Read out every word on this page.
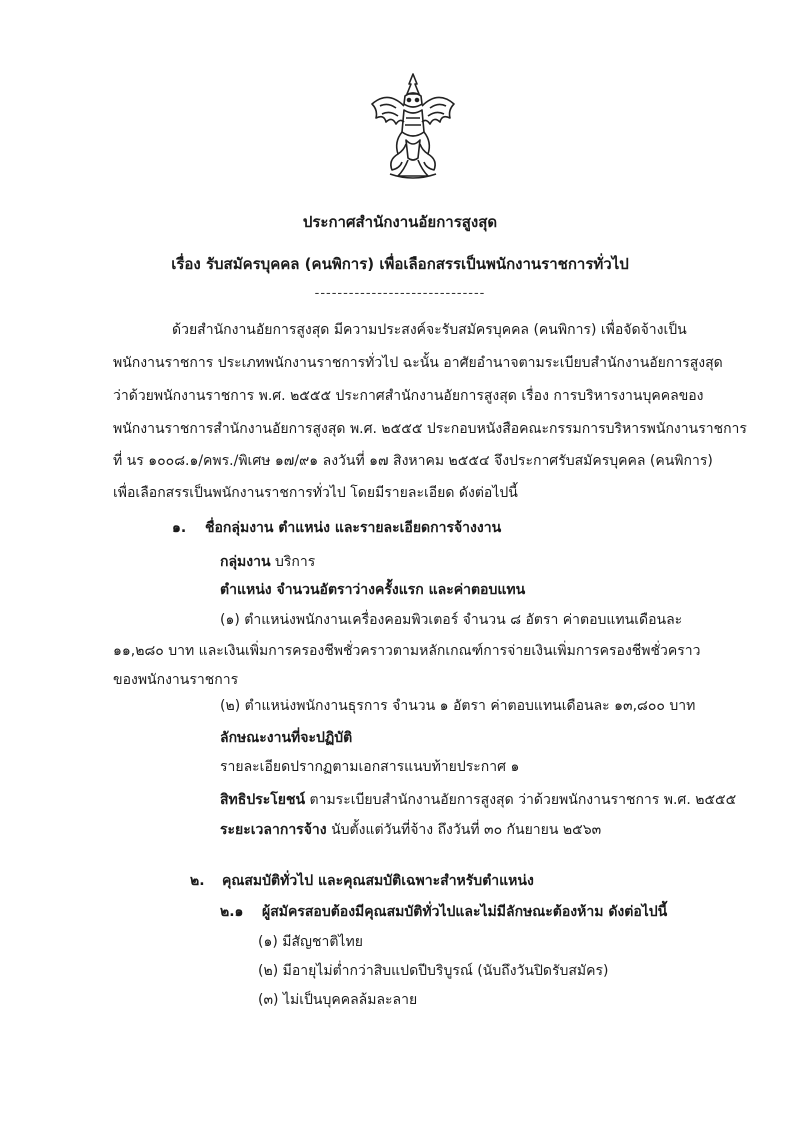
ประกาศสำนักงานอัยการสูงสุด
เรื่อง รับสมัครบุคคล (คนพิการ) เพื่อเลือกสรรเป็นพนักงานราชการทั่วไป
------------------------------
ด้วยสำนักงานอัยการสูงสุด มีความประสงค์จะรับสมัครบุคคล (คนพิการ) เพื่อจัดจ้างเป็น
พนักงานราชการ ประเภทพนักงานราชการทั่วไป ฉะนั้น อาศัยอำนาจตามระเบียบสำนักงานอัยการสูงสุด
ว่าด้วยพนักงานราชการ พ.ศ. ๒๕๕๕ ประกาศสำนักงานอัยการสูงสุด เรื่อง การบริหารงานบุคคลของ
พนักงานราชการสำนักงานอัยการสูงสุด พ.ศ. ๒๕๕๕ ประกอบหนังสือคณะกรรมการบริหารพนักงานราชการ
ที่ นร ๑๐๐๘.๑/คพร./พิเศษ ๑๗/๙๑ ลงวันที่ ๑๗ สิงหาคม ๒๕๕๔ จึงประกาศรับสมัครบุคคล (คนพิการ)
เพื่อเลือกสรรเป็นพนักงานราชการทั่วไป โดยมีรายละเอียด ดังต่อไปนี้
๑. ชื่อกลุ่มงาน ตำแหน่ง และรายละเอียดการจ้างงาน
กลุ่มงาน บริการ
ตำแหน่ง จำนวนอัตราว่างครั้งแรก และค่าตอบแทน
(๑) ตำแหน่งพนักงานเครื่องคอมพิวเตอร์ จำนวน ๘ อัตรา ค่าตอบแทนเดือนละ
๑๑,๒๘๐ บาท และเงินเพิ่มการครองชีพชั่วคราวตามหลักเกณฑ์การจ่ายเงินเพิ่มการครองชีพชั่วคราว
ของพนักงานราชการ
(๒) ตำแหน่งพนักงานธุรการ จำนวน ๑ อัตรา ค่าตอบแทนเดือนละ ๑๓,๘๐๐ บาท
ลักษณะงานที่จะปฏิบัติ
รายละเอียดปรากฏตามเอกสารแนบท้ายประกาศ ๑
สิทธิประโยชน์ ตามระเบียบสำนักงานอัยการสูงสุด ว่าด้วยพนักงานราชการ พ.ศ. ๒๕๕๕
ระยะเวลาการจ้าง นับตั้งแต่วันที่จ้าง ถึงวันที่ ๓๐ กันยายน ๒๕๖๓
๒. คุณสมบัติทั่วไป และคุณสมบัติเฉพาะสำหรับตำแหน่ง
๒.๑ ผู้สมัครสอบต้องมีคุณสมบัติทั่วไปและไม่มีลักษณะต้องห้าม ดังต่อไปนี้
(๑) มีสัญชาติไทย
(๒) มีอายุไม่ต่ำกว่าสิบแปดปีบริบูรณ์ (นับถึงวันปิดรับสมัคร)
(๓) ไม่เป็นบุคคลล้มละลาย
